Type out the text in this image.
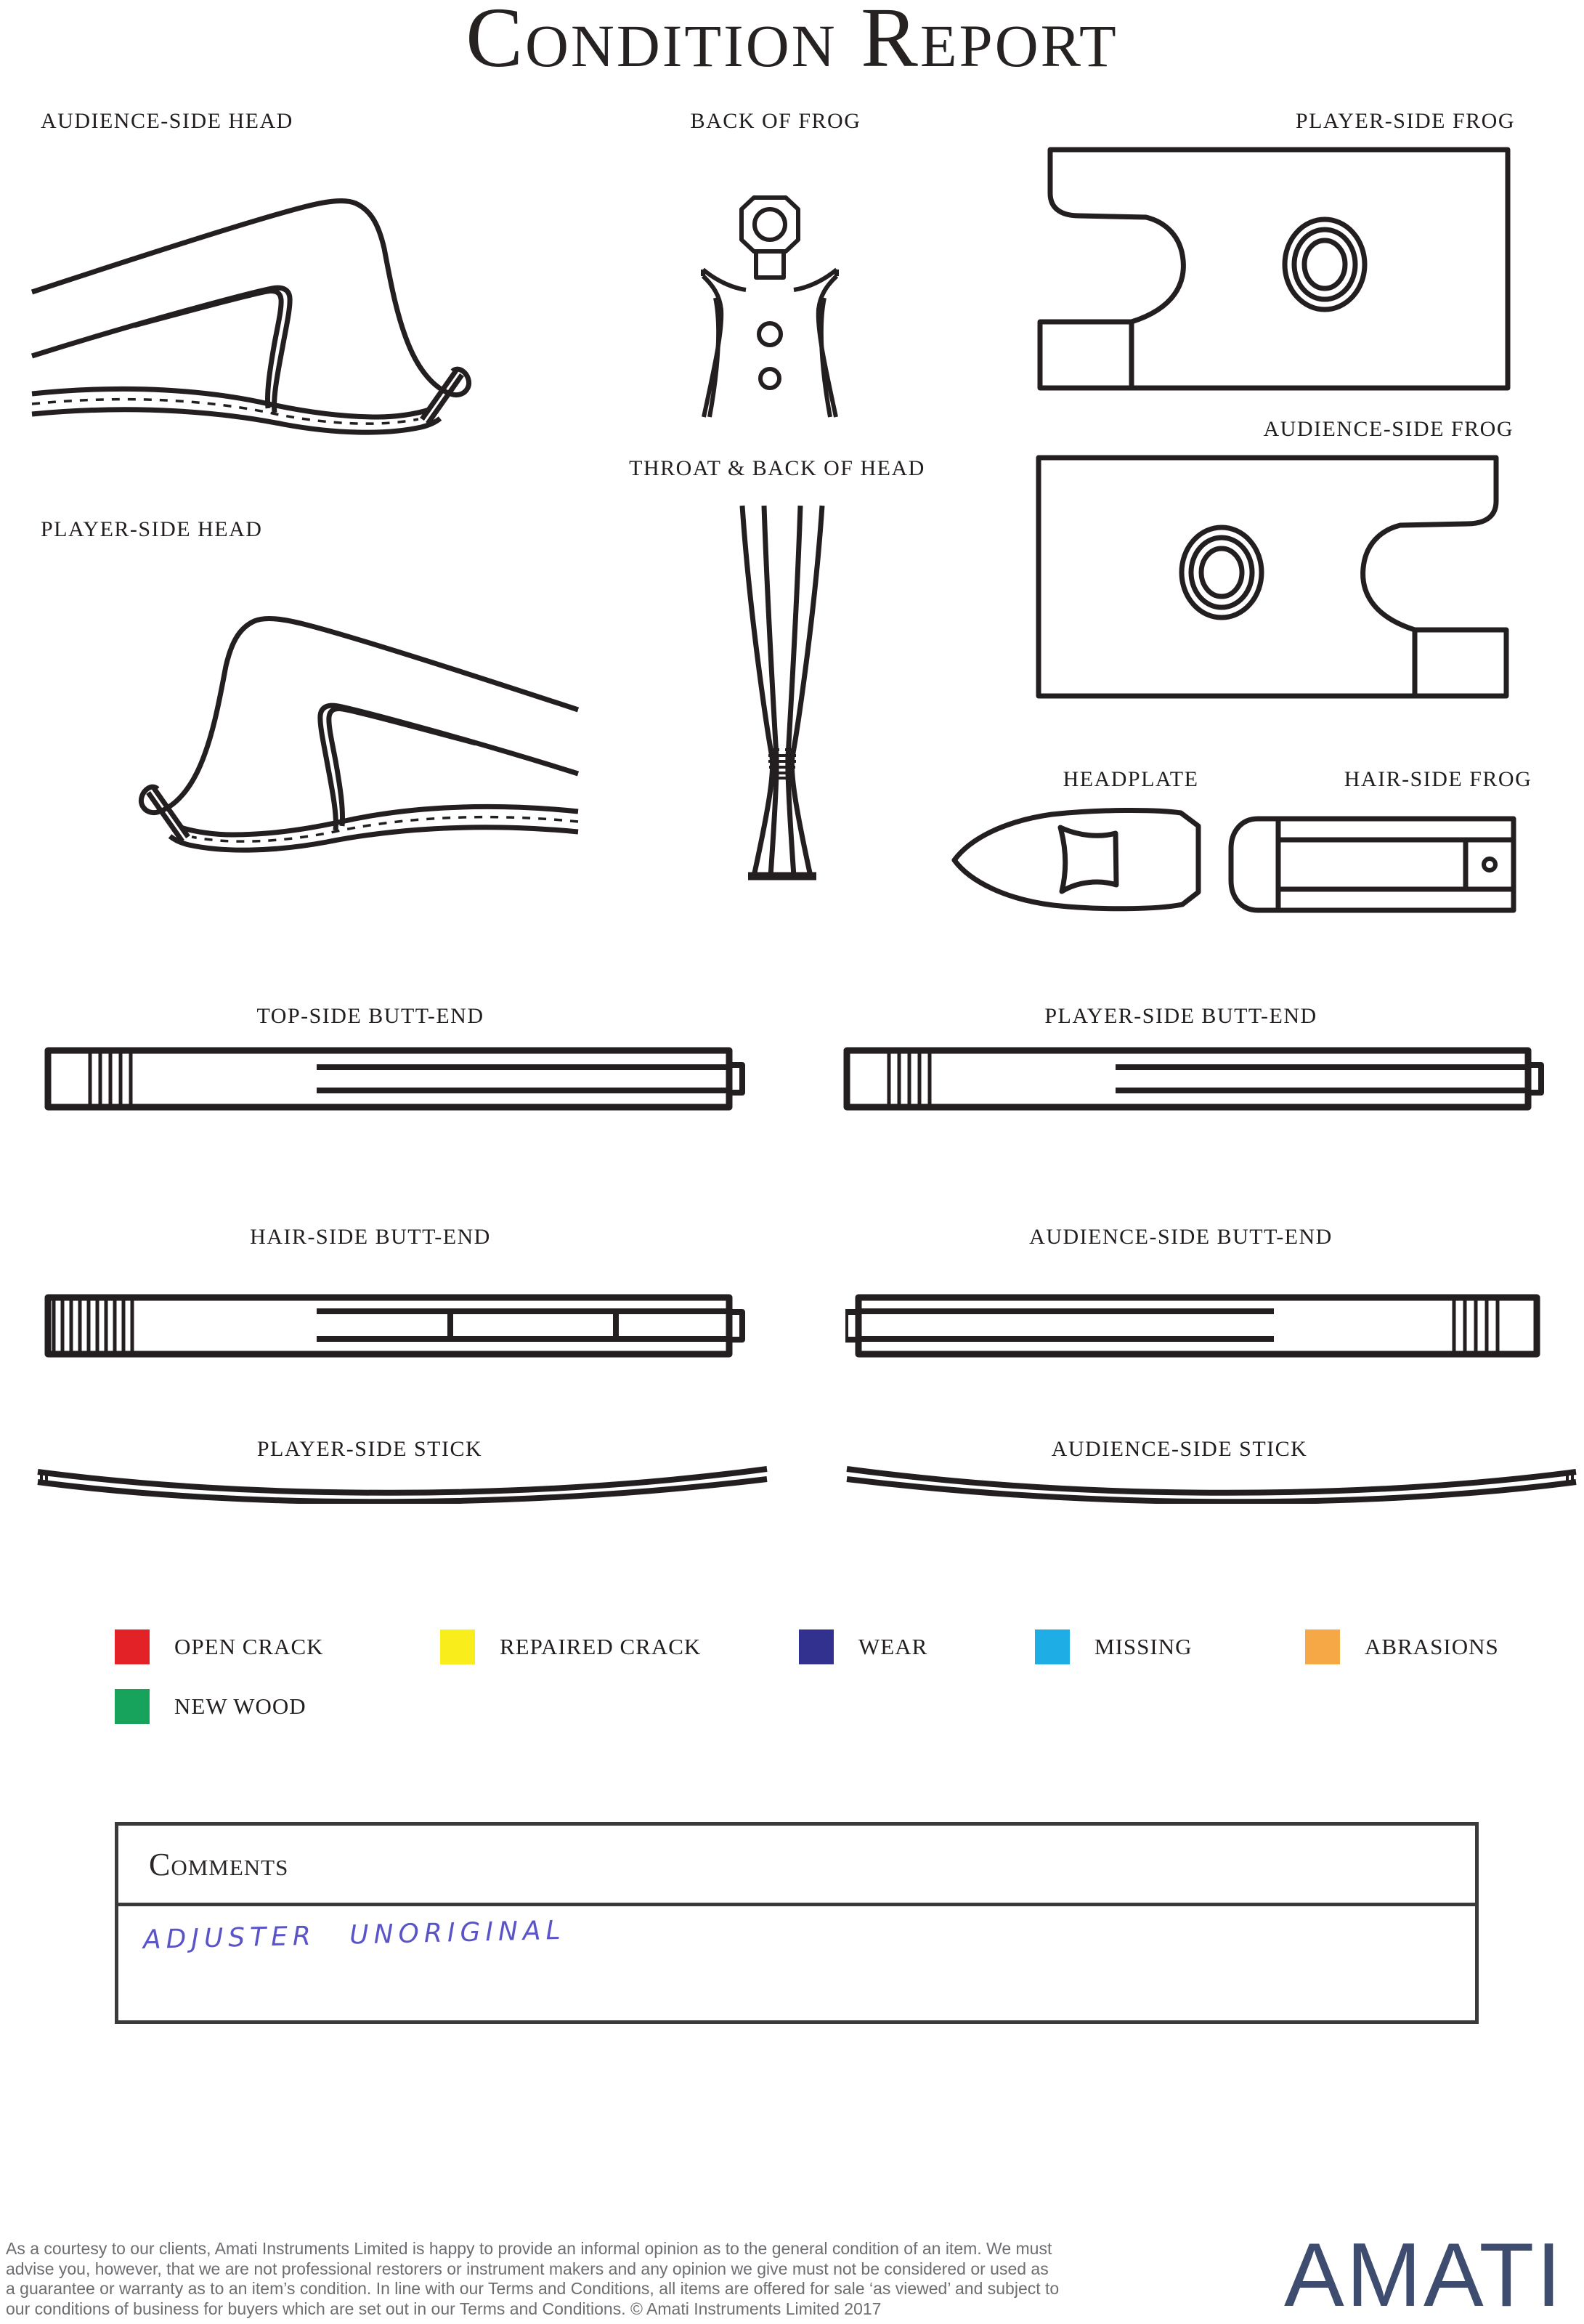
Condition Report
AUDIENCE-SIDE HEAD	BACK OF FROG	PLAYER-SIDE FROG
AUDIENCE-SIDE FROG
THROAT & BACK OF HEAD
PLAYER-SIDE HEAD
HEADPLATE	HAIR-SIDE FROG
TOP-SIDE BUTT-END	PLAYER-SIDE BUTT-END
HAIR-SIDE BUTT-END	AUDIENCE-SIDE BUTT-END
PLAYER-SIDE STICK	AUDIENCE-SIDE STICK
OPEN CRACK	REPAIRED CRACK	WEAR	MISSING	ABRASIONS
NEW WOOD
Comments
ADJUSTER UNORIGINAL
As a courtesy to our clients, Amati Instruments Limited is happy to provide an informal opinion as to the general condition of an item. We must
advise you, however, that we are not professional restorers or instrument makers and any opinion we give must not be considered or used as
a guarantee or warranty as to an item’s condition. In line with our Terms and Conditions, all items are offered for sale ‘as viewed’ and subject to
our conditions of business for buyers which are set out in our Terms and Conditions. © Amati Instruments Limited 2017	AMATI
